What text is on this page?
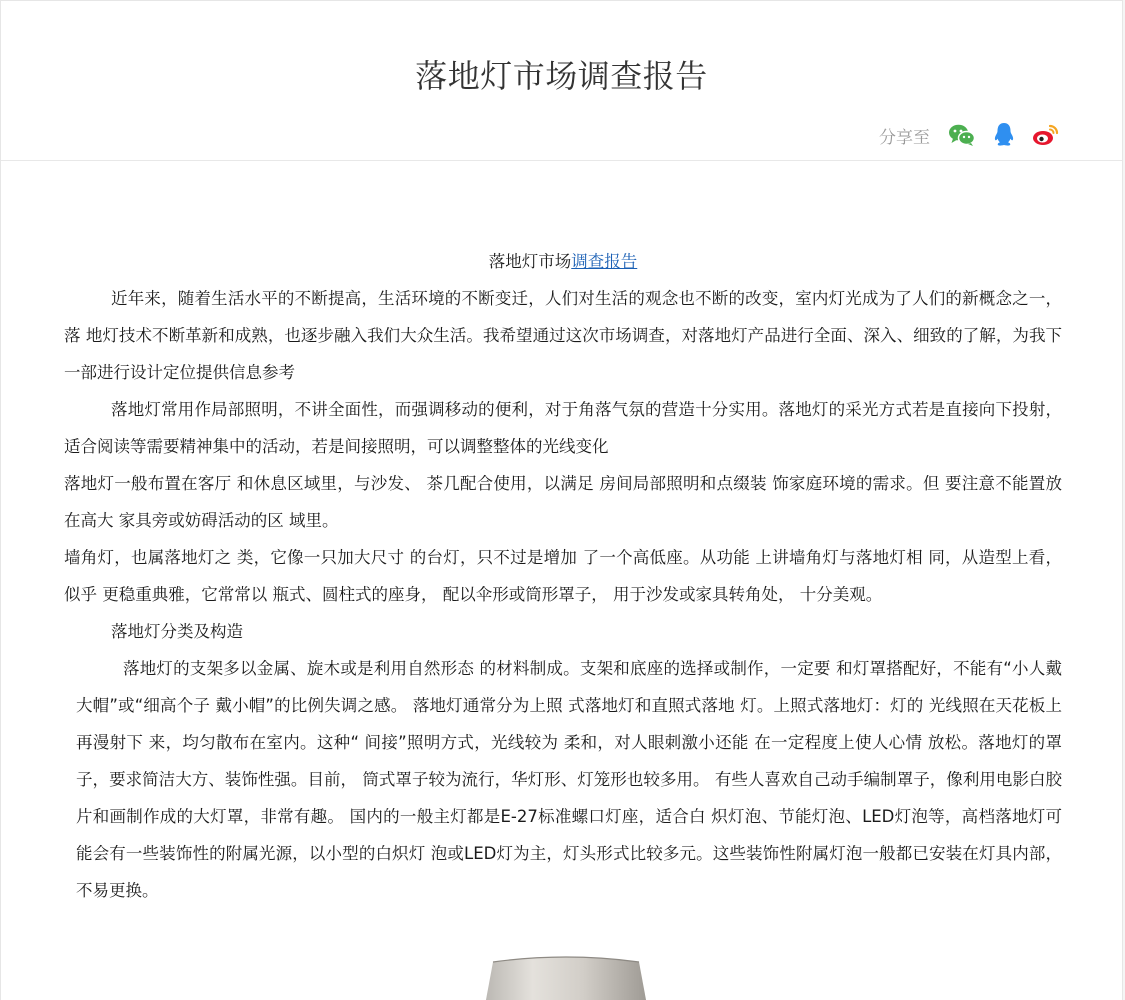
落地灯市场调查报告
分享至

落地灯市场调查报告

近年来，随着生活水平的不断提高，生活环境的不断变迁，人们对生活的观念也不断的改变，室内灯光成为了人们的新概念之一，落 地灯技术不断革新和成熟，也逐步融入我们大众生活。我希望通过这次市场调查，对落地灯产品进行全面、深入、细致的了解，为我下一部进行设计定位提供信息参考

落地灯常用作局部照明，不讲全面性，而强调移动的便利，对于角落气氛的营造十分实用。落地灯的采光方式若是直接向下投射，适合阅读等需要精神集中的活动，若是间接照明，可以调整整体的光线变化

落地灯一般布置在客厅 和休息区域里，与沙发、 茶几配合使用，以满足 房间局部照明和点缀装 饰家庭环境的需求。但 要注意不能置放在高大 家具旁或妨碍活动的区 域里。

墙角灯，也属落地灯之 类，它像一只加大尺寸 的台灯，只不过是增加 了一个高低座。从功能 上讲墙角灯与落地灯相 同，从造型上看，似乎 更稳重典雅，它常常以 瓶式、圆柱式的座身， 配以伞形或筒形罩子， 用于沙发或家具转角处， 十分美观。

落地灯分类及构造

落地灯的支架多以金属、旋木或是利用自然形态 的材料制成。支架和底座的选择或制作，一定要 和灯罩搭配好，不能有“小人戴大帽”或“细高个子 戴小帽”的比例失调之感。 落地灯通常分为上照 式落地灯和直照式落地 灯。上照式落地灯：灯的 光线照在天花板上再漫射下 来，均匀散布在室内。这种“ 间接”照明方式，光线较为 柔和，对人眼刺激小还能 在一定程度上使人心情 放松。落地灯的罩子，要求简洁大方、装饰性强。目前， 筒式罩子较为流行，华灯形、灯笼形也较多用。 有些人喜欢自己动手编制罩子，像利用电影白胶 片和画制作成的大灯罩，非常有趣。 国内的一般主灯都是E-27标准螺口灯座，适合白 炽灯泡、节能灯泡、LED灯泡等，高档落地灯可 能会有一些装饰性的附属光源，以小型的白炽灯 泡或LED灯为主，灯头形式比较多元。这些装饰性附属灯泡一般都已安装在灯具内部，不易更换。
